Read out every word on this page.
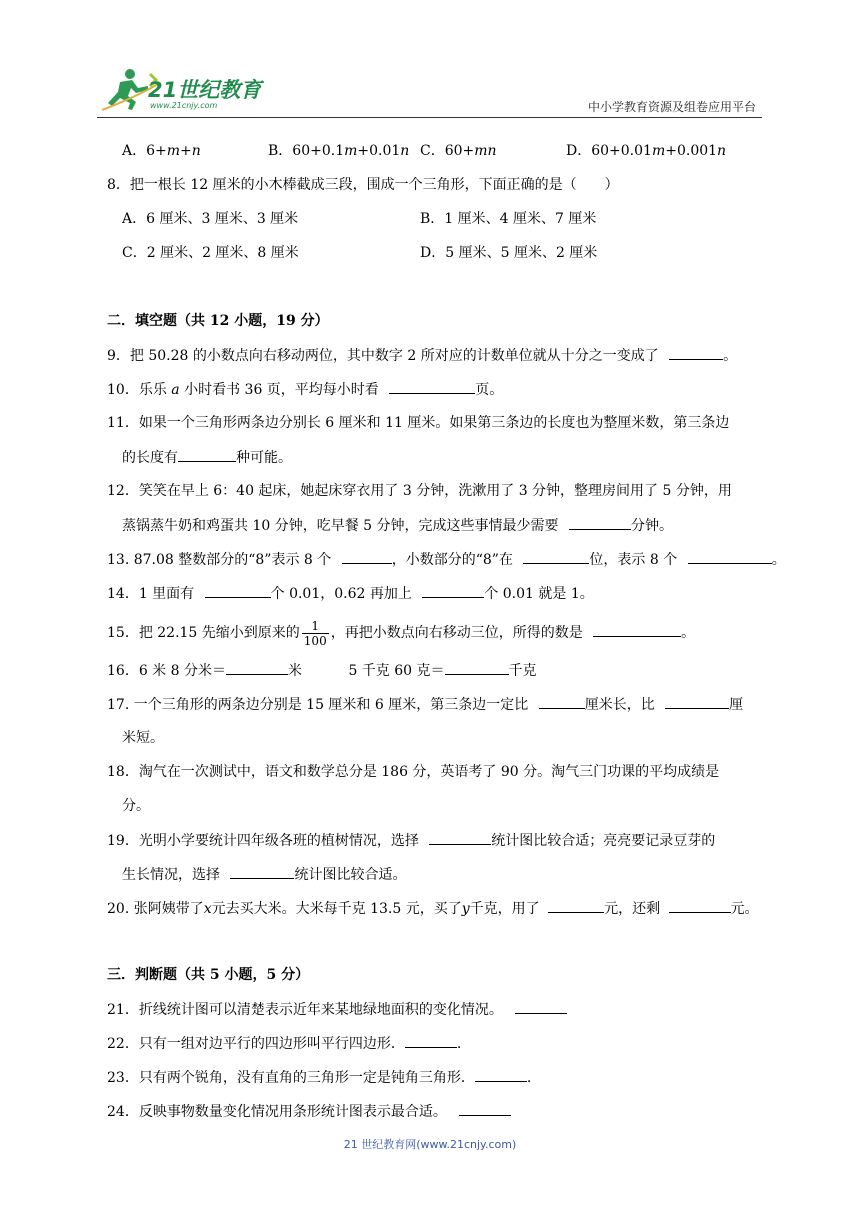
21世纪教育
www.21cnjy.com	中小学教育资源及组卷应用平台
A．6+m+n	B．60+0.1m+0.01n C．60+mn	D．60+0.01m+0.001n
8．把一根长 12 厘米的小木棒截成三段，围成一个三角形，下面正确的是（　　）
A．6 厘米、3 厘米、3 厘米	B．1 厘米、4 厘米、7 厘米
C．2 厘米、2 厘米、8 厘米	D．5 厘米、5 厘米、2 厘米
二．填空题（共 12 小题，19 分）
9．把 50.28 的小数点向右移动两位，其中数字 2 所对应的计数单位就从十分之一变成了	。
10．乐乐 a 小时看书 36 页，平均每小时看	页。
11．如果一个三角形两条边分别长 6 厘米和 11 厘米。如果第三条边的长度也为整厘米数，第三条边
的长度有	种可能。
12．笑笑在早上 6：40 起床，她起床穿衣用了 3 分钟，洗漱用了 3 分钟，整理房间用了 5 分钟，用
蒸锅蒸牛奶和鸡蛋共 10 分钟，吃早餐 5 分钟，完成这些事情最少需要	分钟。
13. 87.08 整数部分的“8”表示 8 个	，小数部分的“8”在	位，表示 8 个	。
14．1 里面有	个 0.01，0.62 再加上	个 0.01 就是 1。
15．把 22.15 先缩小到原来的 $\frac{1}{100}$ ，再把小数点向右移动三位，所得的数是	。
16．6 米 8 分米＝	米	5 千克 60 克＝	千克
17. 一个三角形的两条边分别是 15 厘米和 6 厘米，第三条边一定比	厘米长，比	厘
米短。
18．淘气在一次测试中，语文和数学总分是 186 分，英语考了 90 分。淘气三门功课的平均成绩是
分。
19．光明小学要统计四年级各班的植树情况，选择	统计图比较合适；亮亮要记录豆芽的
生长情况，选择	统计图比较合适。
20. 张阿姨带了x元去买大米。大米每千克 13.5 元，买了y千克，用了	元，还剩	元。
三．判断题（共 5 小题，5 分）
21．折线统计图可以清楚表示近年来某地绿地面积的变化情况。
22．只有一组对边平行的四边形叫平行四边形．	.
23．只有两个锐角，没有直角的三角形一定是钝角三角形．	.
24．反映事物数量变化情况用条形统计图表示最合适。
21 世纪教育网(www.21cnjy.com)
